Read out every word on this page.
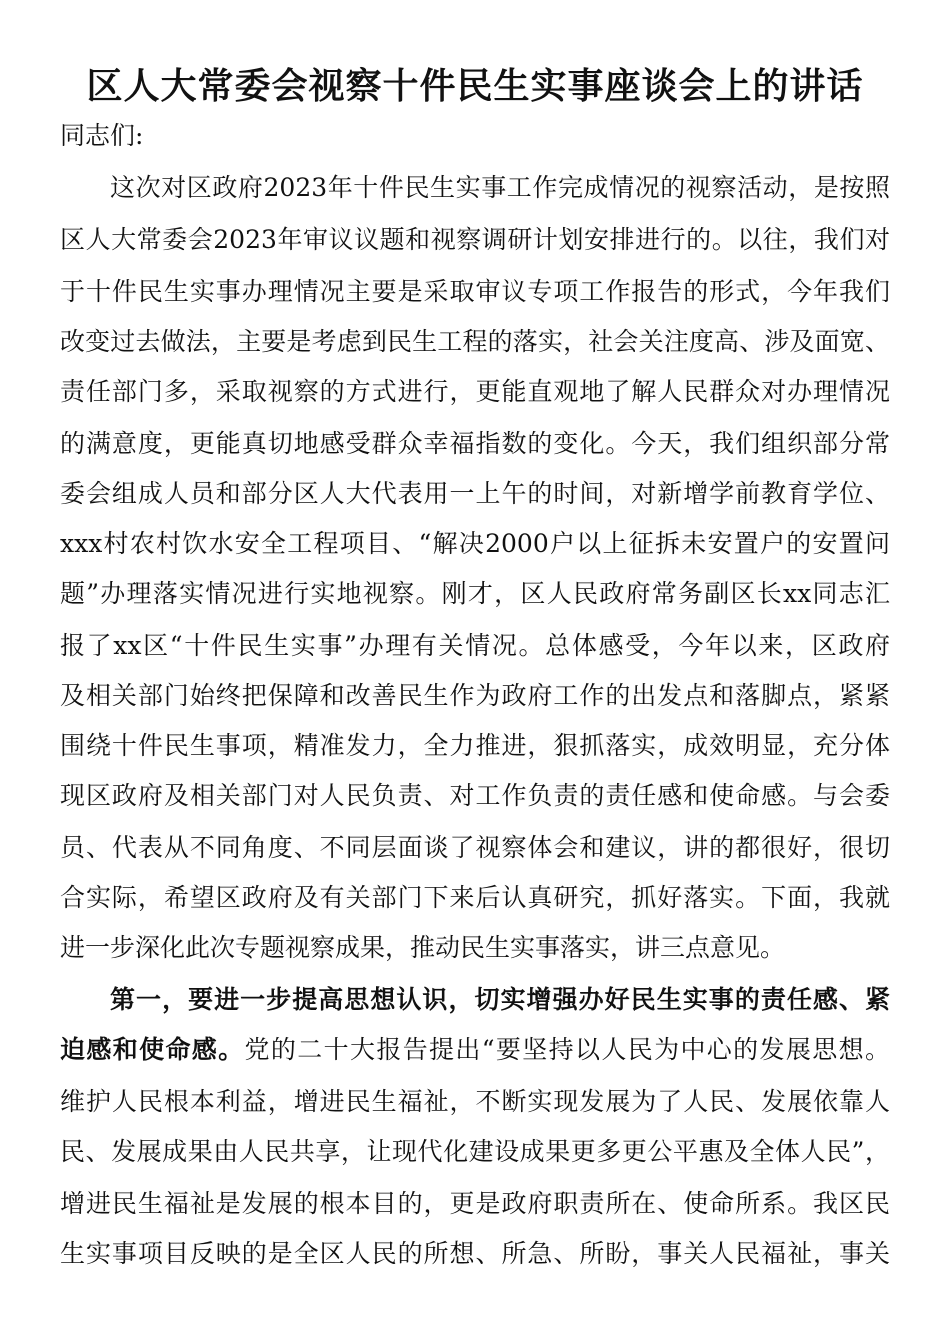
区人大常委会视察十件民生实事座谈会上的讲话
同志们:
这次对区政府2023年十件民生实事工作完成情况的视察活动，是按照
区人大常委会2023年审议议题和视察调研计划安排进行的。以往，我们对
于十件民生实事办理情况主要是采取审议专项工作报告的形式，今年我们
改变过去做法，主要是考虑到民生工程的落实，社会关注度高、涉及面宽、
责任部门多，采取视察的方式进行，更能直观地了解人民群众对办理情况
的满意度，更能真切地感受群众幸福指数的变化。今天，我们组织部分常
委会组成人员和部分区人大代表用一上午的时间，对新增学前教育学位、
xxx村农村饮水安全工程项目、“解决2000户以上征拆未安置户的安置问
题”办理落实情况进行实地视察。刚才，区人民政府常务副区长xx同志汇
报了xx区“十件民生实事”办理有关情况。总体感受，今年以来，区政府
及相关部门始终把保障和改善民生作为政府工作的出发点和落脚点，紧紧
围绕十件民生事项，精准发力，全力推进，狠抓落实，成效明显，充分体
现区政府及相关部门对人民负责、对工作负责的责任感和使命感。与会委
员、代表从不同角度、不同层面谈了视察体会和建议，讲的都很好，很切
合实际，希望区政府及有关部门下来后认真研究，抓好落实。下面，我就
进一步深化此次专题视察成果，推动民生实事落实，讲三点意见。
第一，要进一步提高思想认识，切实增强办好民生实事的责任感、紧
迫感和使命感。党的二十大报告提出“要坚持以人民为中心的发展思想。
维护人民根本利益，增进民生福祉，不断实现发展为了人民、发展依靠人
民、发展成果由人民共享，让现代化建设成果更多更公平惠及全体人民”，
增进民生福祉是发展的根本目的，更是政府职责所在、使命所系。我区民
生实事项目反映的是全区人民的所想、所急、所盼，事关人民福祉，事关
